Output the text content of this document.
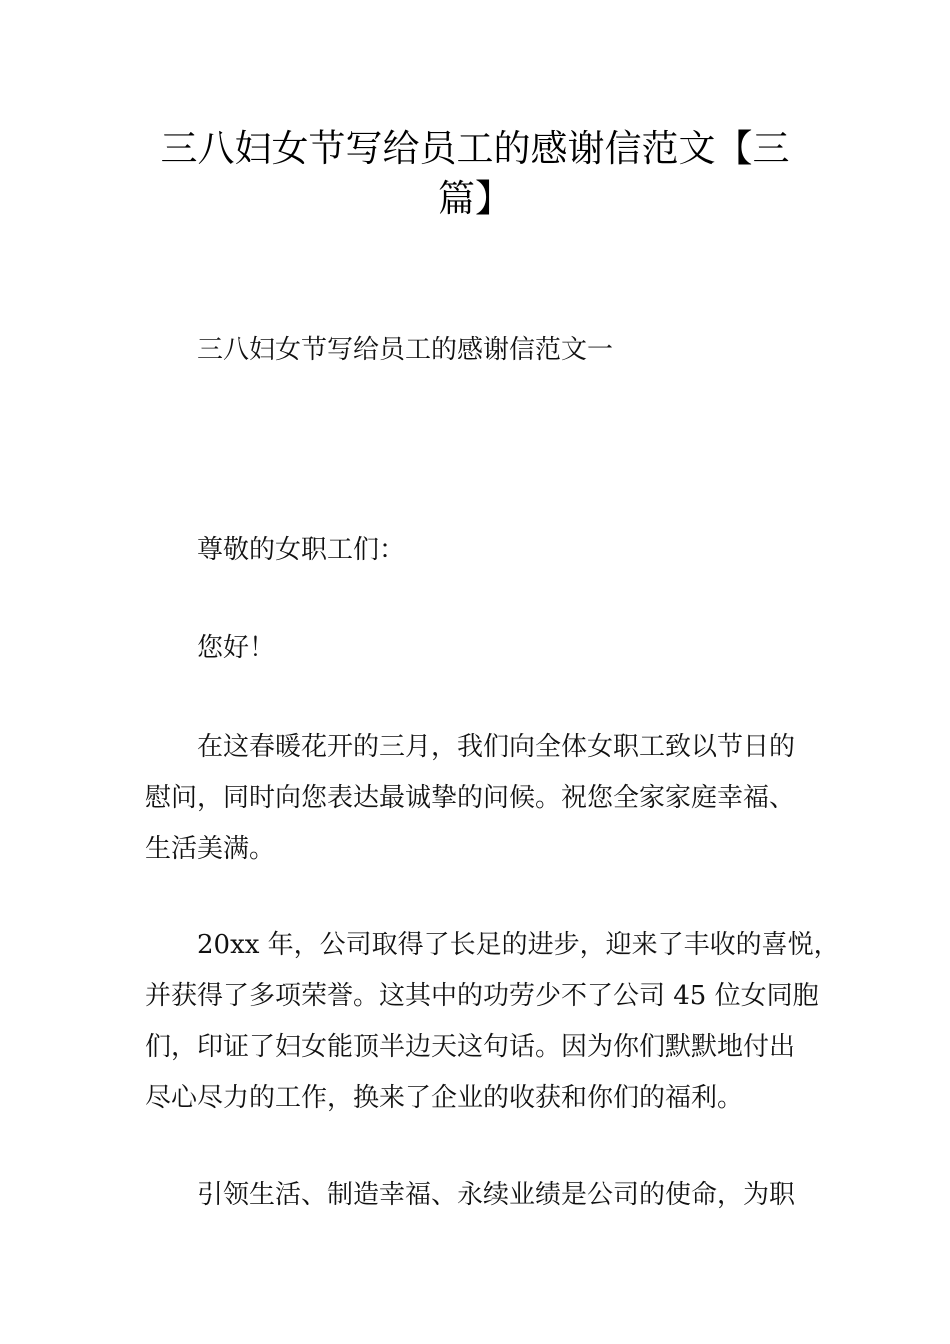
三八妇女节写给员工的感谢信范文【三
篇】

三八妇女节写给员工的感谢信范文一

尊敬的女职工们：

您好！

在这春暖花开的三月，我们向全体女职工致以节日的

慰问，同时向您表达最诚挚的问候。祝您全家家庭幸福、

生活美满。

20xx 年，公司取得了长足的进步，迎来了丰收的喜悦，

并获得了多项荣誉。这其中的功劳少不了公司 45 位女同胞

们，印证了妇女能顶半边天这句话。因为你们默默地付出

尽心尽力的工作，换来了企业的收获和你们的福利。

引领生活、制造幸福、永续业绩是公司的使命，为职
